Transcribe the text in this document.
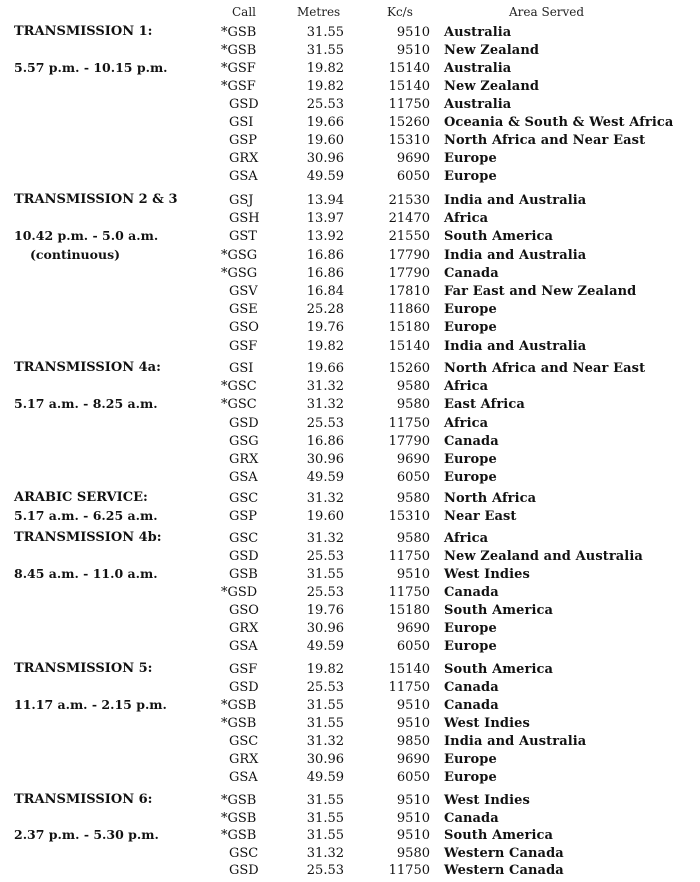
Call	Metres	Kc/s	Area Served
TRANSMISSION 1:
5.57 p.m. - 10.15 p.m.
*GSB	31.55	9510 Australia
*GSB	31.55	9510 New Zealand
*GSF	19.82	15140 Australia
*GSF	19.82	15140 New Zealand
GSD	25.53	11750 Australia
GSI	19.66	15260 Oceania & South & West Africa
GSP	19.60	15310 North Africa and Near East
GRX	30.96	9690 Europe
GSA	49.59	6050 Europe
TRANSMISSION 2 & 3
10.42 p.m. - 5.0 a.m.
(continuous)
GSJ	13.94	21530 India and Australia
GSH	13.97	21470 Africa
GST	13.92	21550 South America
*GSG	16.86	17790 India and Australia
*GSG	16.86	17790 Canada
GSV	16.84	17810 Far East and New Zealand
GSE	25.28	11860 Europe
GSO	19.76	15180 Europe
GSF	19.82	15140 India and Australia
TRANSMISSION 4a:
5.17 a.m. - 8.25 a.m.
GSI	19.66	15260 North Africa and Near East
*GSC	31.32	9580 Africa
*GSC	31.32	9580 East Africa
GSD	25.53	11750 Africa
GSG	16.86	17790 Canada
GRX	30.96	9690 Europe
GSA	49.59	6050 Europe
ARABIC SERVICE:
5.17 a.m. - 6.25 a.m.
GSC	31.32	9580 North Africa
GSP	19.60	15310 Near East
TRANSMISSION 4b:
8.45 a.m. - 11.0 a.m.
GSC	31.32	9580 Africa
GSD	25.53	11750 New Zealand and Australia
GSB	31.55	9510 West Indies
*GSD	25.53	11750 Canada
GSO	19.76	15180 South America
GRX	30.96	9690 Europe
GSA	49.59	6050 Europe
TRANSMISSION 5:
11.17 a.m. - 2.15 p.m.
GSF	19.82	15140 South America
GSD	25.53	11750 Canada
*GSB	31.55	9510 Canada
*GSB	31.55	9510 West Indies
GSC	31.32	9850 India and Australia
GRX	30.96	9690 Europe
GSA	49.59	6050 Europe
TRANSMISSION 6:
2.37 p.m. - 5.30 p.m.
*GSB	31.55	9510 West Indies
*GSB	31.55	9510 Canada
*GSB	31.55	9510 South America
GSC	31.32	9580 Western Canada
GSD	25.53	11750 Western Canada
